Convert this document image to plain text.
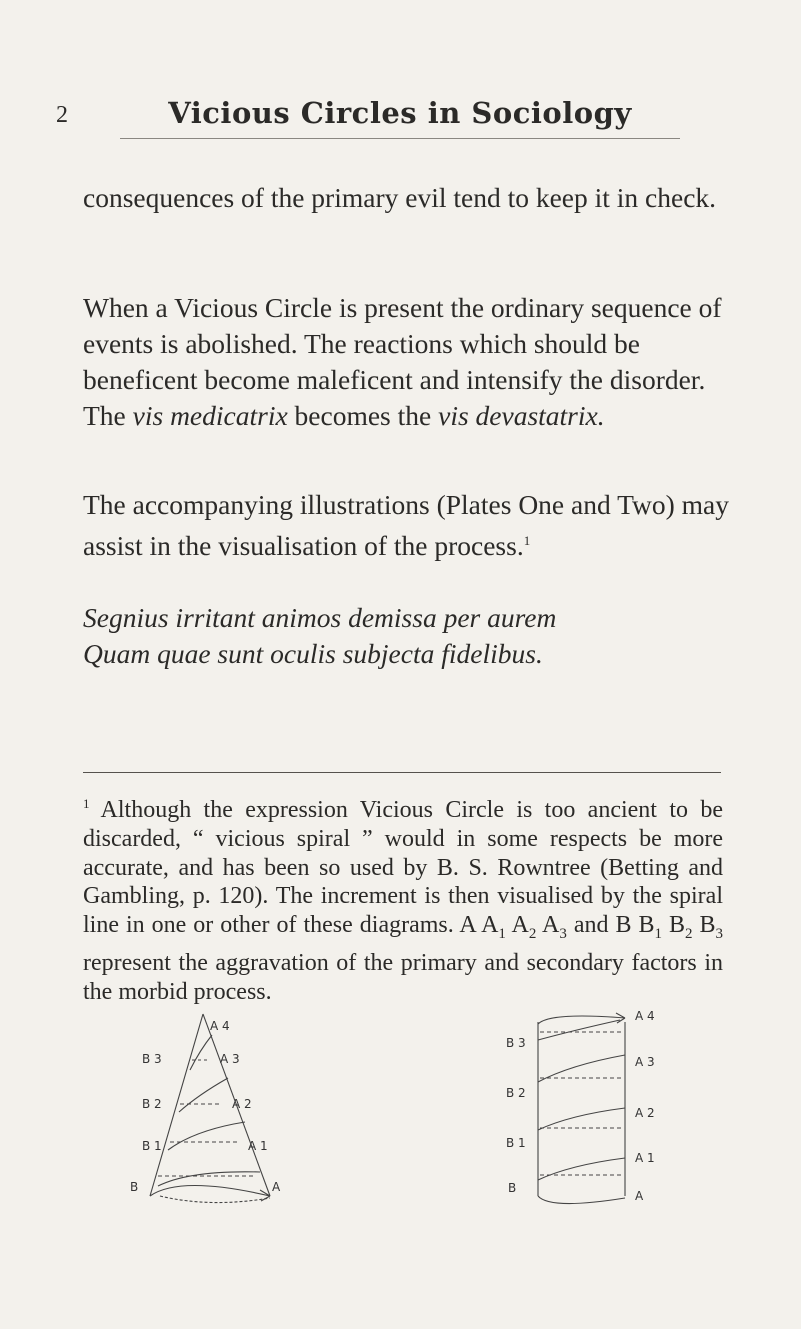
2	Vicious Circles in Sociology

consequences of the primary evil tend to keep it in check.

When a Vicious Circle is present the ordinary sequence of events is abolished. The reactions which should be beneficent become maleficent and intensify the disorder. The vis medicatrix becomes the vis devastatrix.

The accompanying illustrations (Plates One and Two) may assist in the visualisation of the process.$^1$

Segnius irritant animos demissa per aurem
Quam quae sunt oculis subjecta fidelibus.

$^1$ Although the expression Vicious Circle is too ancient to be discarded, “ vicious spiral ” would in some respects be more accurate, and has been so used by B. S. Rowntree (Betting and Gambling, p. 120). The increment is then visualised by the spiral line in one or other of these diagrams. A $A_1$ $A_2$ $A_3$ and B $B_1$ $B_2$ $B_3$ represent the aggravation of the primary and secondary factors in the morbid process.

B 3
B 2
B 1
B
A 4
A 3
A 2
A 1
A
B 3
B 2
B 1
B
A 4
A 3
A 2
A 1
A
